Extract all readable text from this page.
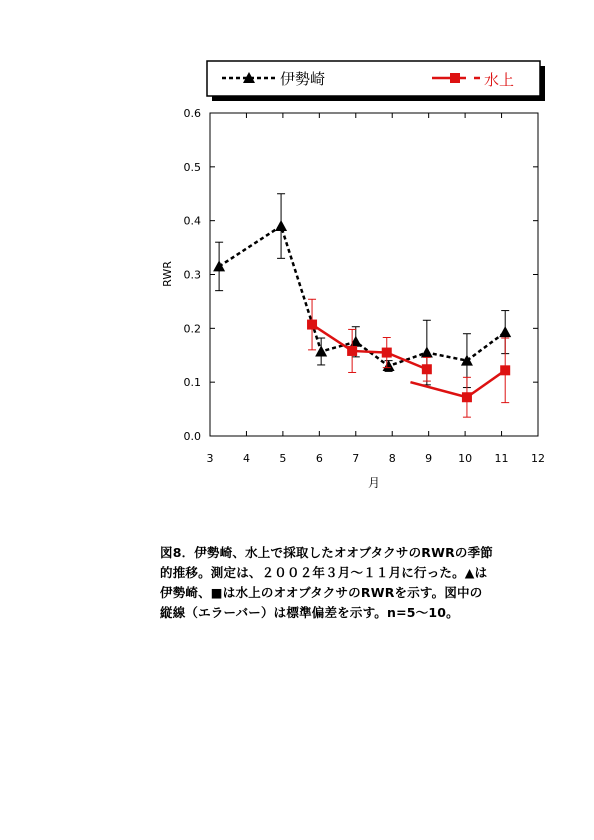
伊勢崎	水上
3	4	5	6	7	8	9 10 11 12
0.0
0.1
0.2
0.3
0.4
0.5
0.6
月
RWR
図8．伊勢崎、水上で採取したオオブタクサのRWRの季節
的推移。測定は、２００２年３月～１１月に行った。▲は
伊勢崎、■は水上のオオブタクサのRWRを示す。図中の
縦線（エラーバー）は標準偏差を示す。n=5～10。
